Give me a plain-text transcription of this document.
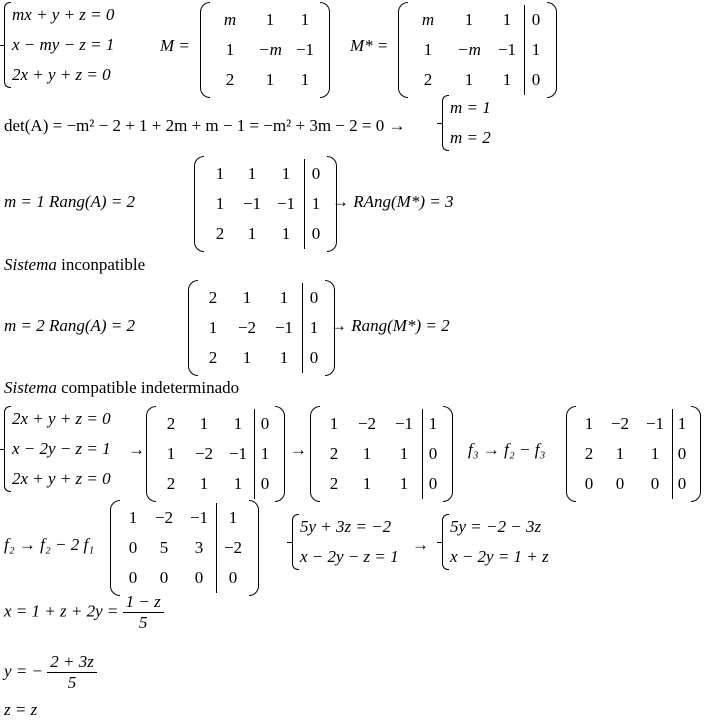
mx + y + z = 0
x − my − z = 1
2x + y + z = 0
M =
m	1	1
1	−m	−1
2	1	1
M* =
m	1	1	0
1	−m	−1	1
2	1	1	0
det(A) = −m² − 2 + 1 + 2m + m − 1 = −m² + 3m − 2 = 0 →
m = 1
m = 2
m = 1 Rang(A) = 2
1	1	1	0
1	−1	−1	1
2	1	1	0
→ RAng(M*) = 3
Sistema inconpatible
m = 2 Rang(A) = 2
2	1	1	0
1	−2	−1	1
2	1	1	0
→ Rang(M*) = 2
Sistema compatible indeterminado
2x + y + z = 0
x − 2y − z = 1
2x + y + z = 0
→
2	1	1	0
1	−2	−1	1
2	1	1	0
→
1	−2	−1	1
2	1	1	0
2	1	1	0
f₃ → f₂ − f₃
1	−2	−1	1
2	1	1	0
0	0	0	0
f₂ → f₂ − 2 f₁
1	−2	−1	1
0	5	3	−2
0	0	0	0
5y + 3z = −2
x − 2y − z = 1
→
5y = −2 − 3z
x − 2y = 1 + z
$x = 1 + z + 2y = \frac{1 - z}{5}$
y = − $\frac{2 + 3z}{5}$
z = z
